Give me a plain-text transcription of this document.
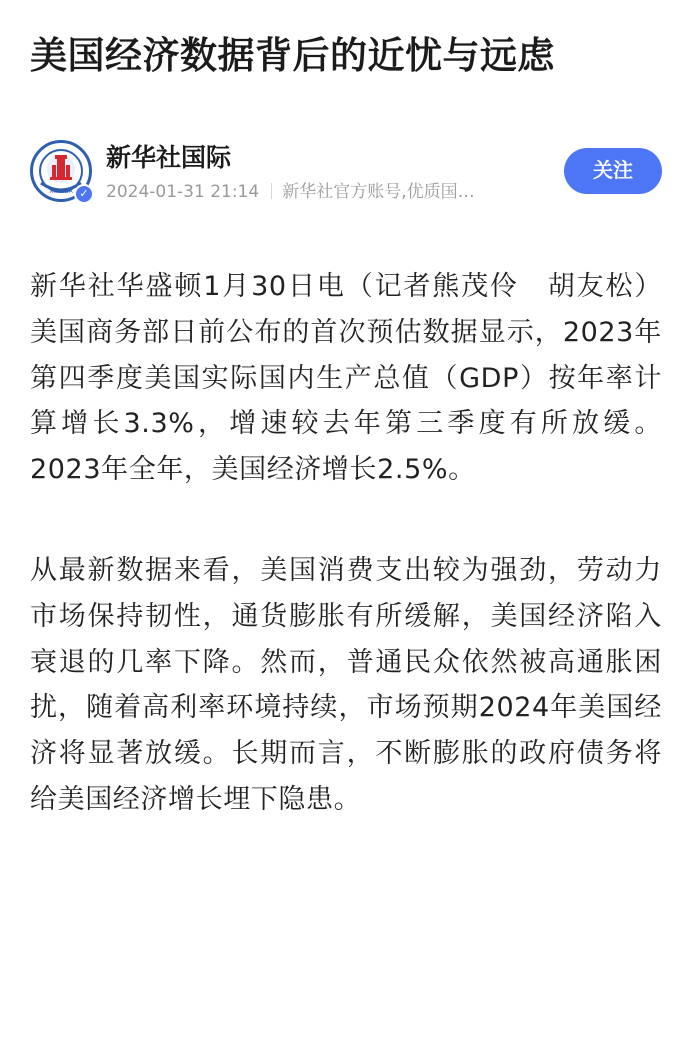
美国经济数据背后的近忧与远虑
XINHUA ✓
新华社国际
2024-01-31 21:14 新华社官方账号,优质国…
关注

新华社华盛顿1月30日电（记者熊茂伶　胡友松）美国商务部日前公布的首次预估数据显示，2023年第四季度美国实际国内生产总值（GDP）按年率计算增长3.3%，增速较去年第三季度有所放缓。2023年全年，美国经济增长2.5%。

从最新数据来看，美国消费支出较为强劲，劳动力市场保持韧性，通货膨胀有所缓解，美国经济陷入衰退的几率下降。然而，普通民众依然被高通胀困扰，随着高利率环境持续，市场预期2024年美国经济将显著放缓。长期而言，不断膨胀的政府债务将给美国经济增长埋下隐患。
